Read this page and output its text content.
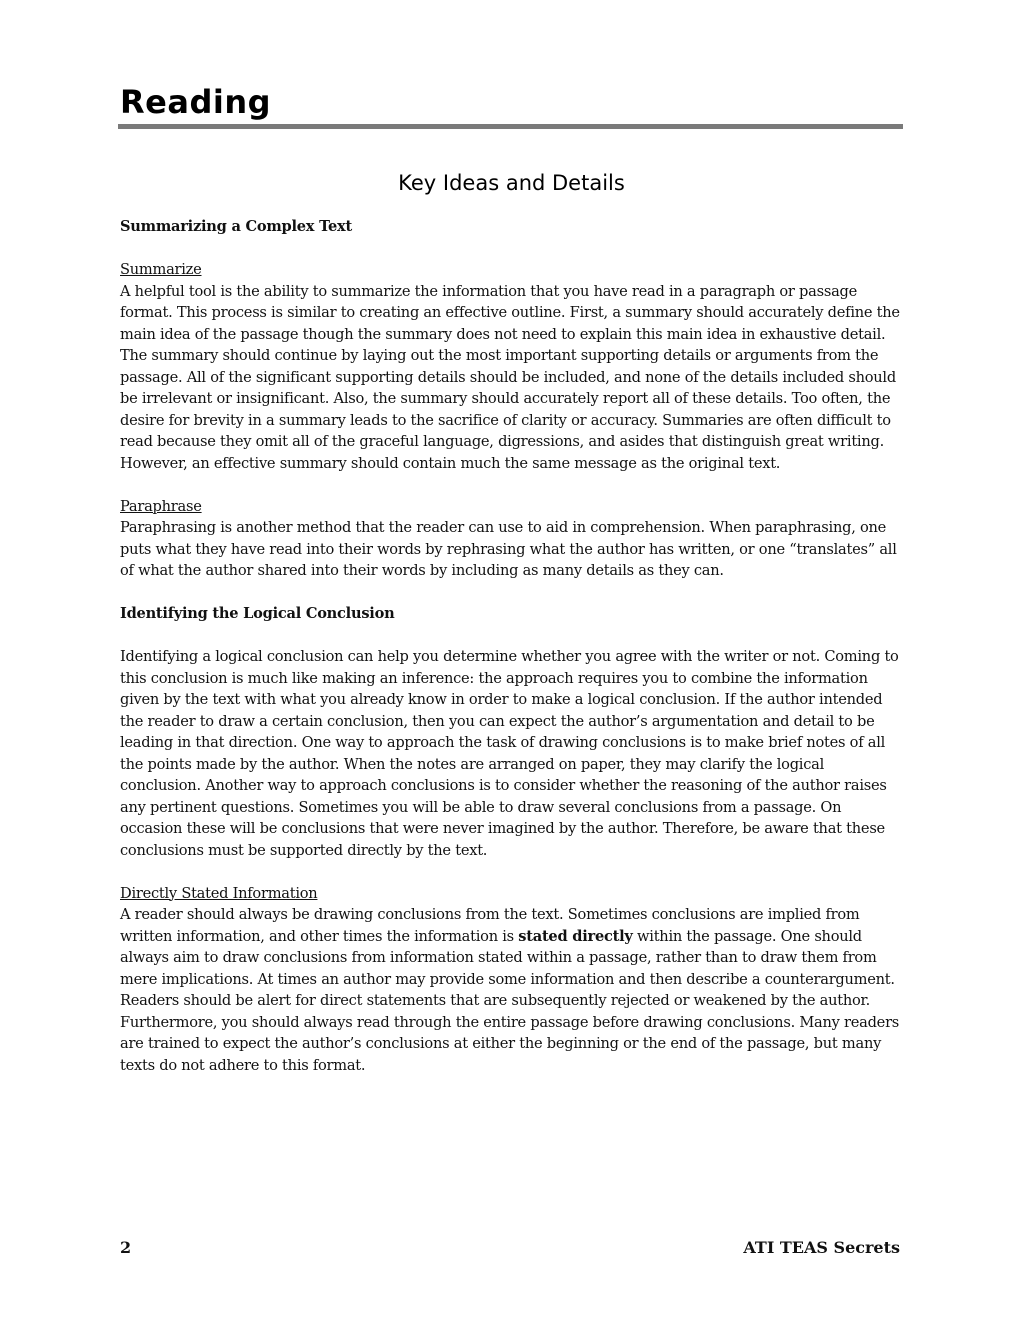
Reading
Key Ideas and Details

Summarizing a Complex Text

Summarize

A helpful tool is the ability to summarize the information that you have read in a paragraph or passage format. This process is similar to creating an effective outline. First, a summary should accurately define the main idea of the passage though the summary does not need to explain this main idea in exhaustive detail. The summary should continue by laying out the most important supporting details or arguments from the passage. All of the significant supporting details should be included, and none of the details included should be irrelevant or insignificant. Also, the summary should accurately report all of these details. Too often, the desire for brevity in a summary leads to the sacrifice of clarity or accuracy. Summaries are often difficult to read because they omit all of the graceful language, digressions, and asides that distinguish great writing. However, an effective summary should contain much the same message as the original text.

Paraphrase

Paraphrasing is another method that the reader can use to aid in comprehension. When paraphrasing, one puts what they have read into their words by rephrasing what the author has written, or one “translates” all of what the author shared into their words by including as many details as they can.

Identifying the Logical Conclusion

Identifying a logical conclusion can help you determine whether you agree with the writer or not. Coming to this conclusion is much like making an inference: the approach requires you to combine the information given by the text with what you already know in order to make a logical conclusion. If the author intended the reader to draw a certain conclusion, then you can expect the author’s argumentation and detail to be leading in that direction. One way to approach the task of drawing conclusions is to make brief notes of all the points made by the author. When the notes are arranged on paper, they may clarify the logical conclusion. Another way to approach conclusions is to consider whether the reasoning of the author raises any pertinent questions. Sometimes you will be able to draw several conclusions from a passage. On occasion these will be conclusions that were never imagined by the author. Therefore, be aware that these conclusions must be supported directly by the text.

Directly Stated Information

A reader should always be drawing conclusions from the text. Sometimes conclusions are implied from written information, and other times the information is stated directly within the passage. One should always aim to draw conclusions from information stated within a passage, rather than to draw them from mere implications. At times an author may provide some information and then describe a counterargument. Readers should be alert for direct statements that are subsequently rejected or weakened by the author. Furthermore, you should always read through the entire passage before drawing conclusions. Many readers are trained to expect the author’s conclusions at either the beginning or the end of the passage, but many texts do not adhere to this format.

2	ATI TEAS Secrets
